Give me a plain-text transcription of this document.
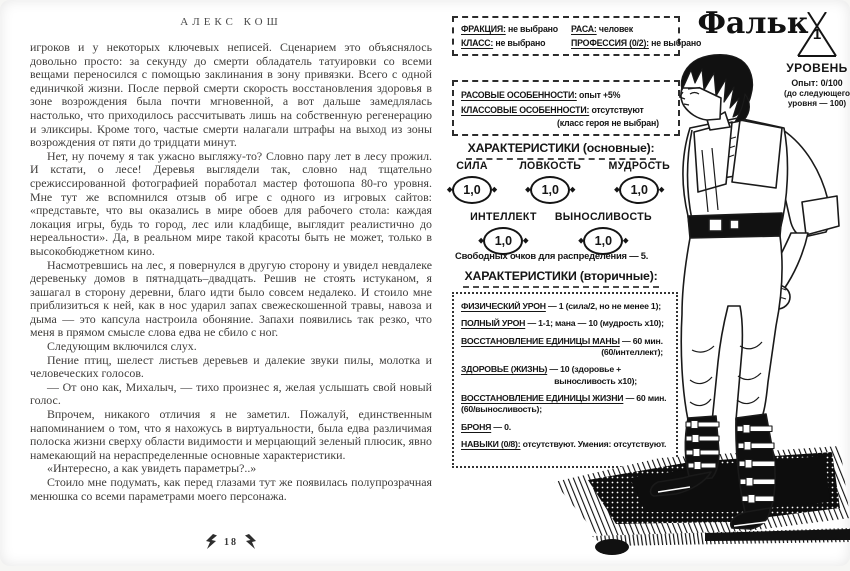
АЛЕКС КОШ

игроков и у некоторых ключевых неписей. Сценарием это объяснялось довольно просто: за секунду до смерти обладатель татуировки со всеми вещами переносился с помощью заклинания в зону привязки. Всего с одной единичкой жизни. После первой смерти скорость восстановления здоровья в зоне возрождения была почти мгновенной, а вот дальше замедлялась настолько, что приходилось рассчитывать лишь на собственную регенерацию и эликсиры. Кроме того, частые смерти налагали штрафы на выход из зоны возрождения от пяти до тридцати минут.

Нет, ну почему я так ужасно выгляжу-то? Словно пару лет в лесу прожил. И кстати, о лесе! Деревья выглядели так, словно над тщательно срежиссированной фотографией поработал мастер фотошопа 80-го уровня. Мне тут же вспомнился отзыв об игре с одного из игровых сайтов: «представьте, что вы оказались в мире обоев для рабочего стола: каждая локация игры, будь то город, лес или кладбище, выглядит реалистично до нереальности». Да, в реальном мире такой красоты быть не может, только в высокобюджетном кино.

Насмотревшись на лес, я повернулся в другую сторону и увидел невдалеке деревеньку домов в пятнадцать–двадцать. Решив не стоять истуканом, я зашагал в сторону деревни, благо идти было совсем недалеко. И стоило мне приблизиться к ней, как в нос ударил запах свежескошенной травы, навоза и дыма — это капсула настроила обоняние. Запахи появились так резко, что меня в прямом смысле слова едва не сбило с ног.

Следующим включился слух.

Пение птиц, шелест листьев деревьев и далекие звуки пилы, молотка и человеческих голосов.

— От оно как, Михалыч, — тихо произнес я, желая услышать свой новый голос.

Впрочем, никакого отличия я не заметил. Пожалуй, единственным напоминанием о том, что я нахожусь в виртуальности, была едва различимая полоска жизни сверху области видимости и мерцающий зеленый плюсик, явно намекающий на нераспределенные основные характеристики.

«Интересно, а как увидеть параметры?..»

Стоило мне подумать, как перед глазами тут же появилась полупрозрачная менюшка со всеми параметрами моего персонажа.

18
ФРАКЦИЯ: не выбрано	РАСА: человек
КЛАСС: не выбрано	ПРОФЕССИЯ (0/2): не выбрано
Фальк 1
УРОВЕНЬ
Опыт: 0/100
(до следующего уровня — 100)
РАСОВЫЕ ОСОБЕННОСТИ: опыт +5%
КЛАССОВЫЕ ОСОБЕННОСТИ: отсутствуют
(класс героя не выбран)
ХАРАКТЕРИСТИКИ (основные):
СИЛА
◆ 1,0 ◆
ЛОВКОСТЬ
◆ 1,0 ◆
МУДРОСТЬ
◆ 1,0 ◆
ИНТЕЛЛЕКТ
◆ 1,0 ◆
ВЫНОСЛИВОСТЬ
◆ 1,0 ◆
Свободных очков для распределения — 5.
ХАРАКТЕРИСТИКИ (вторичные):
ФИЗИЧЕСКИЙ УРОН — 1 (сила/2, но не менее 1);
ПОЛНЫЙ УРОН — 1-1; мана — 10 (мудрость x10);
ВОССТАНОВЛЕНИЕ ЕДИНИЦЫ МАНЫ — 60 мин.
(60/интеллект);
ЗДОРОВЬЕ (ЖИЗНЬ) — 10 (здоровье +
выносливость x10);
ВОССТАНОВЛЕНИЕ ЕДИНИЦЫ ЖИЗНИ — 60 мин.
(60/выносливость);
БРОНЯ — 0.
НАВЫКИ (0/8): отсутствуют. Умения: отсутствуют.
